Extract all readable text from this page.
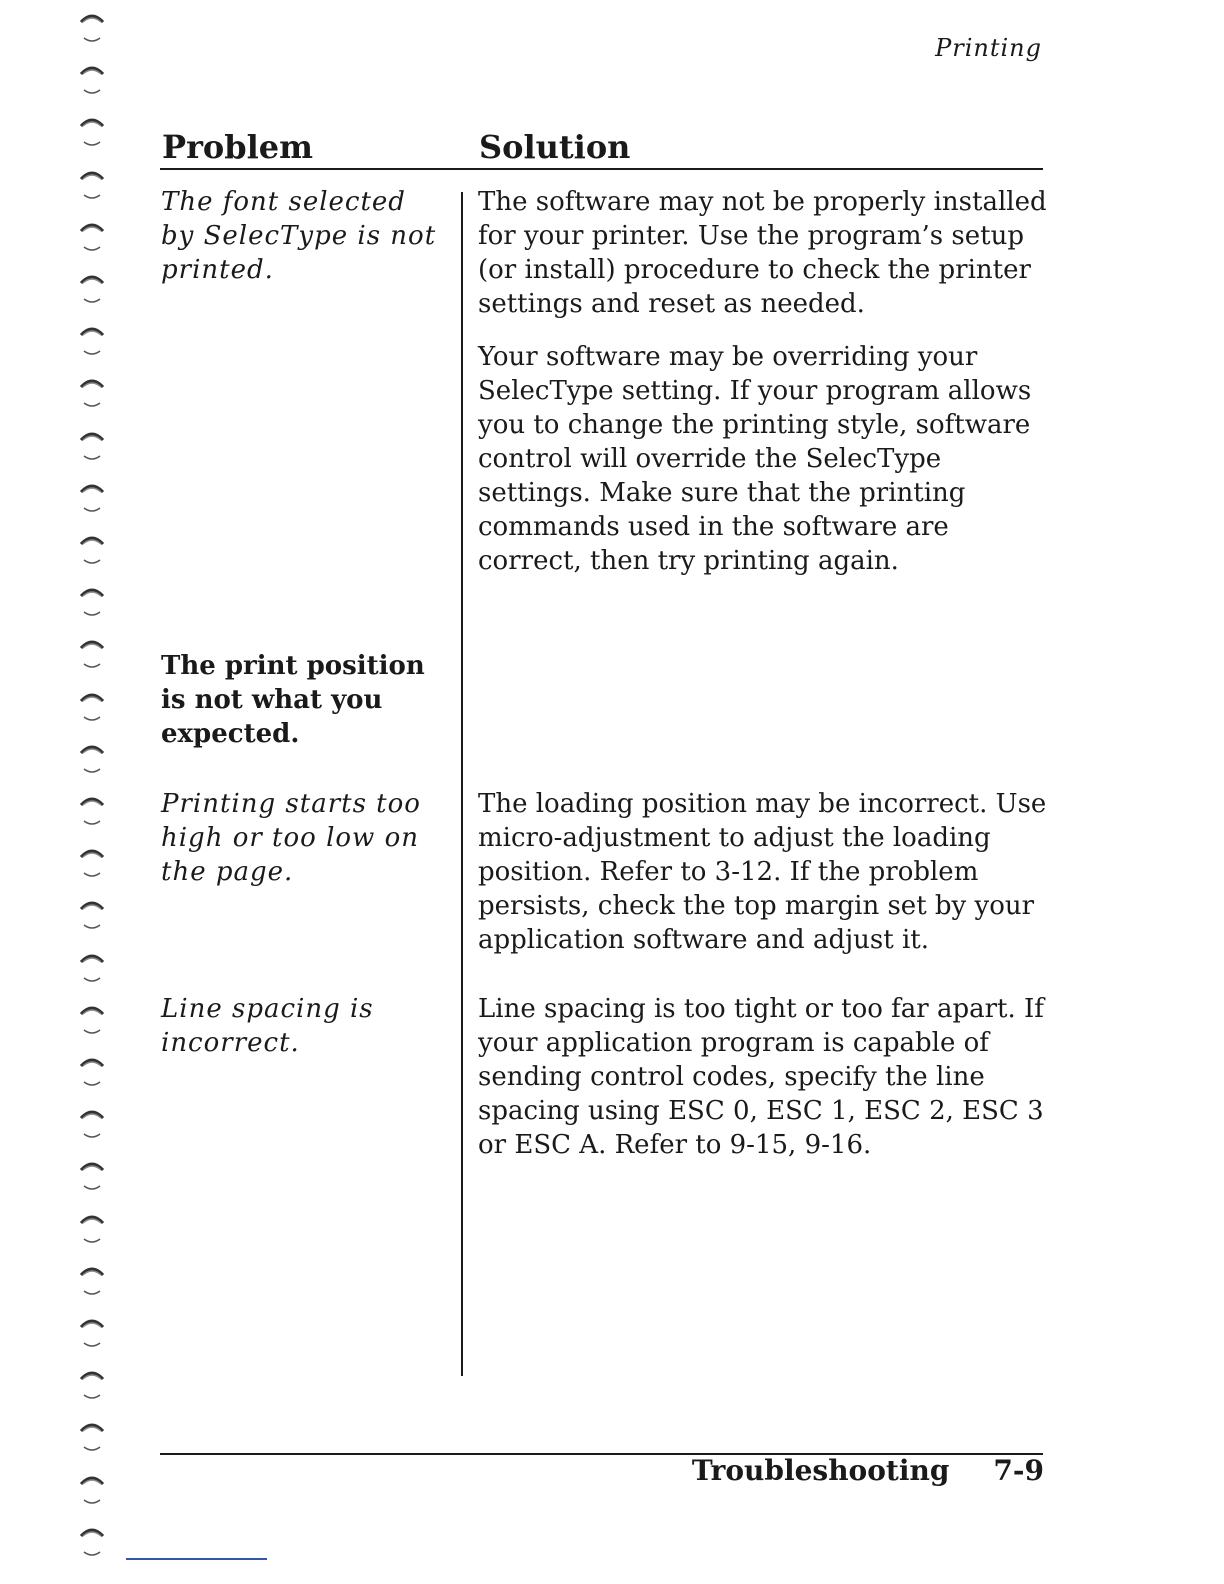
Printing
Problem	Solution
The font selected by SelecType is not printed.

The software may not be properly installed for your printer. Use the program’s setup (or install) procedure to check the printer settings and reset as needed.

Your software may be overriding your SelecType setting. If your program allows you to change the printing style, software control will override the SelecType settings. Make sure that the printing commands used in the software are correct, then try printing again.

The print position is not what you expected.
Printing starts too high or too low on the page.

The loading position may be incorrect. Use micro-adjustment to adjust the loading position. Refer to 3-12. If the problem persists, check the top margin set by your application software and adjust it.

Line spacing is incorrect.

Line spacing is too tight or too far apart. If your application program is capable of sending control codes, specify the line spacing using ESC 0, ESC 1, ESC 2, ESC 3 or ESC A. Refer to 9-15, 9-16.

Troubleshooting 7-9
